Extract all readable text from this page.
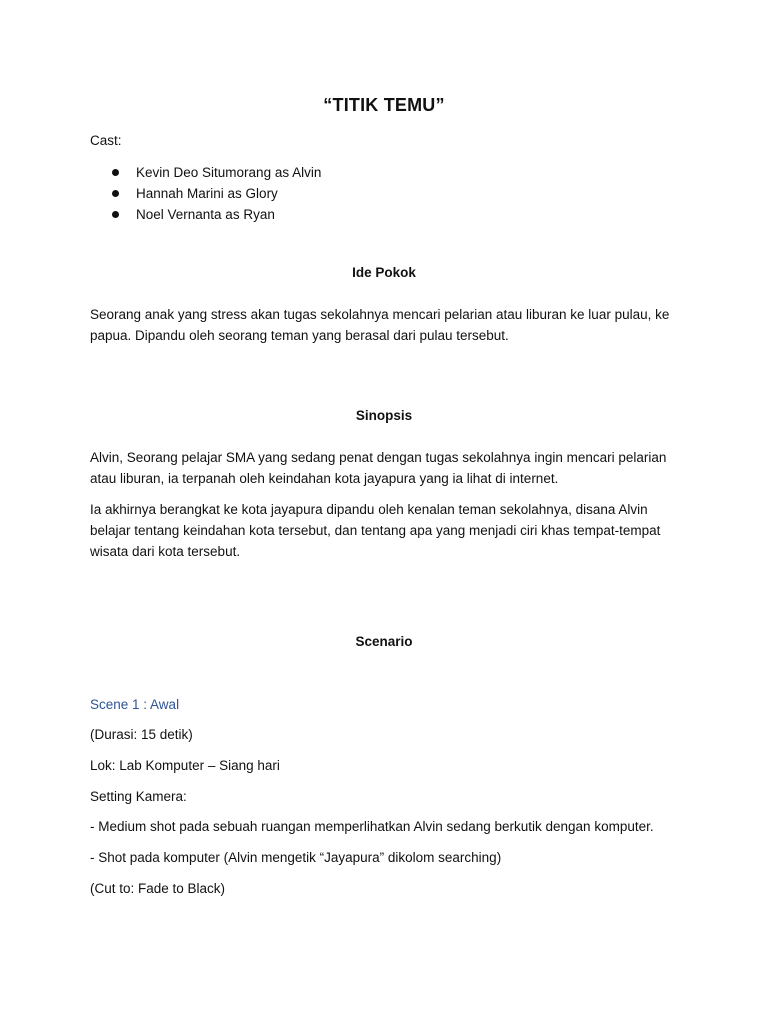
“TITIK TEMU”
Cast:
Kevin Deo Situmorang as Alvin
Hannah Marini as Glory
Noel Vernanta as Ryan
Ide Pokok
Seorang anak yang stress akan tugas sekolahnya mencari pelarian atau liburan ke luar pulau, ke papua. Dipandu oleh seorang teman yang berasal dari pulau tersebut.
Sinopsis
Alvin, Seorang pelajar SMA yang sedang penat dengan tugas sekolahnya ingin mencari pelarian atau liburan, ia terpanah oleh keindahan kota jayapura yang ia lihat di internet.
Ia akhirnya berangkat ke kota jayapura dipandu oleh kenalan teman sekolahnya, disana Alvin belajar tentang keindahan kota tersebut, dan tentang apa yang menjadi ciri khas tempat-tempat wisata dari kota tersebut.
Scenario
Scene 1 : Awal
(Durasi: 15 detik)
Lok: Lab Komputer – Siang hari
Setting Kamera:
- Medium shot pada sebuah ruangan memperlihatkan Alvin sedang berkutik dengan komputer.
- Shot pada komputer (Alvin mengetik “Jayapura” dikolom searching)
(Cut to: Fade to Black)
